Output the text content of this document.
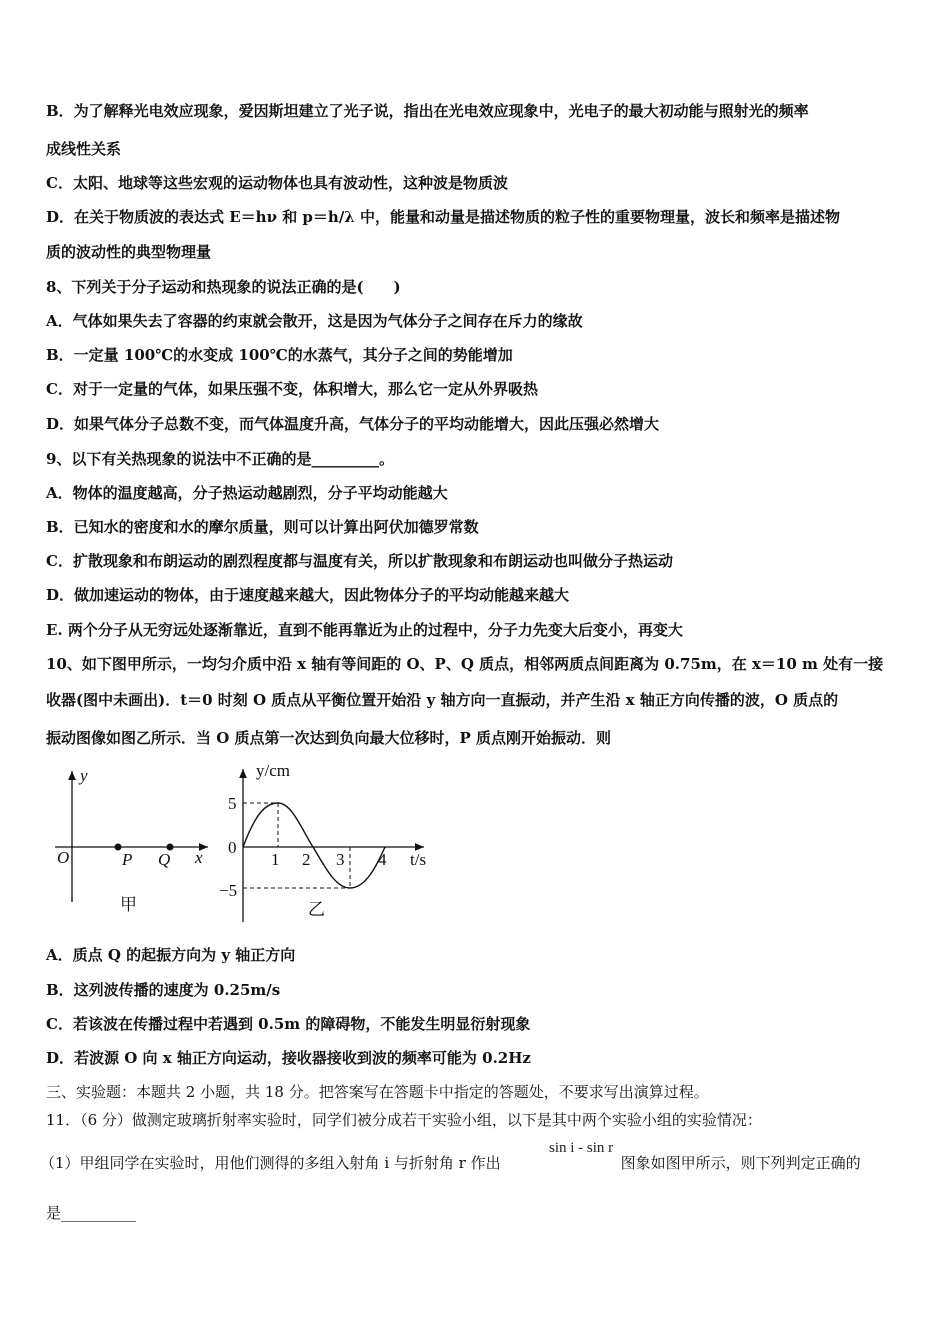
B．为了解释光电效应现象，爱因斯坦建立了光子说，指出在光电效应现象中，光电子的最大初动能与照射光的频率
成线性关系
C．太阳、地球等这些宏观的运动物体也具有波动性，这种波是物质波
D．在关于物质波的表达式 E＝hν 和 p＝h/λ 中，能量和动量是描述物质的粒子性的重要物理量，波长和频率是描述物
质的波动性的典型物理量
8、下列关于分子运动和热现象的说法正确的是(　　)
A．气体如果失去了容器的约束就会散开，这是因为气体分子之间存在斥力的缘故
B．一定量 100℃的水变成 100℃的水蒸气，其分子之间的势能增加
C．对于一定量的气体，如果压强不变，体积增大，那么它一定从外界吸热
D．如果气体分子总数不变，而气体温度升高，气体分子的平均动能增大，因此压强必然增大
9、以下有关热现象的说法中不正确的是_________。
A．物体的温度越高，分子热运动越剧烈，分子平均动能越大
B．已知水的密度和水的摩尔质量，则可以计算出阿伏加德罗常数
C．扩散现象和布朗运动的剧烈程度都与温度有关，所以扩散现象和布朗运动也叫做分子热运动
D．做加速运动的物体，由于速度越来越大，因此物体分子的平均动能越来越大
E. 两个分子从无穷远处逐渐靠近，直到不能再靠近为止的过程中，分子力先变大后变小，再变大
10、如下图甲所示，一均匀介质中沿 x 轴有等间距的 O、P、Q 质点，相邻两质点间距离为 0.75m，在 x＝10 m 处有一接
收器(图中未画出)．t＝0 时刻 O 质点从平衡位置开始沿 y 轴方向一直振动，并产生沿 x 轴正方向传播的波，O 质点的
振动图像如图乙所示．当 O 质点第一次达到负向最大位移时，P 质点刚开始振动．则
y
O	P Q x
甲
y/cm
5
0
−5
1 2 3 4 t/s
乙
A．质点 Q 的起振方向为 y 轴正方向
B．这列波传播的速度为 0.25m/s
C．若该波在传播过程中若遇到 0.5m 的障碍物，不能发生明显衍射现象
D．若波源 O 向 x 轴正方向运动，接收器接收到波的频率可能为 0.2Hz
三、实验题：本题共 2 小题，共 18 分。把答案写在答题卡中指定的答题处，不要求写出演算过程。
11．（6 分）做测定玻璃折射率实验时，同学们被分成若干实验小组，以下是其中两个实验小组的实验情况：
（1）甲组同学在实验时，用他们测得的多组入射角 i 与折射角 r 作出　　　　　　　　图象如图甲所示，则下列判定正确的
sin i - sin r
是__________
